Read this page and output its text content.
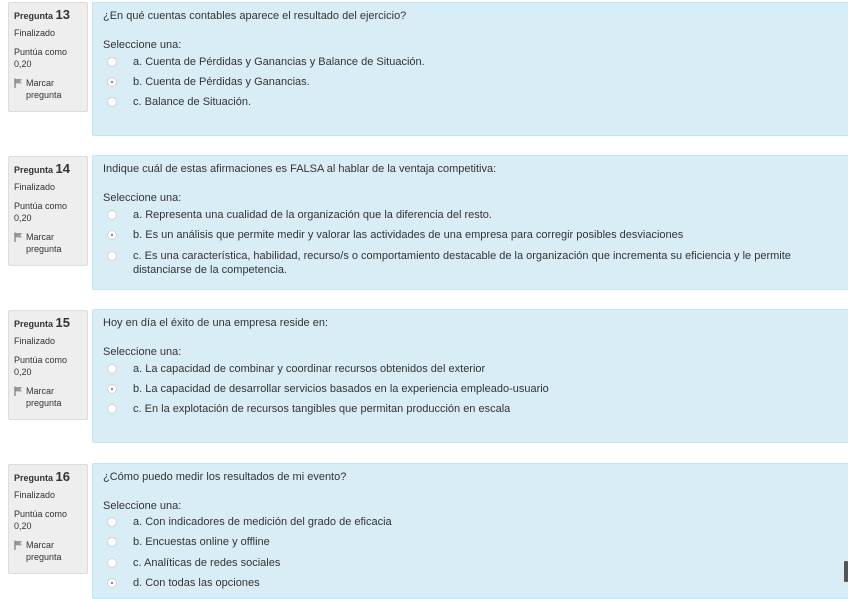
Pregunta 13
Finalizado
Puntúa como 0,20
Marcar pregunta
¿En qué cuentas contables aparece el resultado del ejercicio?
Seleccione una:
a. Cuenta de Pérdidas y Ganancias y Balance de Situación.
b. Cuenta de Pérdidas y Ganancias.
c. Balance de Situación.
Pregunta 14
Finalizado
Puntúa como 0,20
Marcar pregunta
Indique cuál de estas afirmaciones es FALSA al hablar de la ventaja competitiva:
Seleccione una:
a. Representa una cualidad de la organización que la diferencia del resto.
b. Es un análisis que permite medir y valorar las actividades de una empresa para corregir posibles desviaciones
c. Es una característica, habilidad, recurso/s o comportamiento destacable de la organización que incrementa su eficiencia y le permite distanciarse de la competencia.
Pregunta 15
Finalizado
Puntúa como 0,20
Marcar pregunta
Hoy en día el éxito de una empresa reside en:
Seleccione una:
a. La capacidad de combinar y coordinar recursos obtenidos del exterior
b. La capacidad de desarrollar servicios basados en la experiencia empleado-usuario
c. En la explotación de recursos tangibles que permitan producción en escala
Pregunta 16
Finalizado
Puntúa como 0,20
Marcar pregunta
¿Cómo puedo medir los resultados de mi evento?
Seleccione una:
a. Con indicadores de medición del grado de eficacia
b. Encuestas online y offline
c. Analíticas de redes sociales
d. Con todas las opciones
